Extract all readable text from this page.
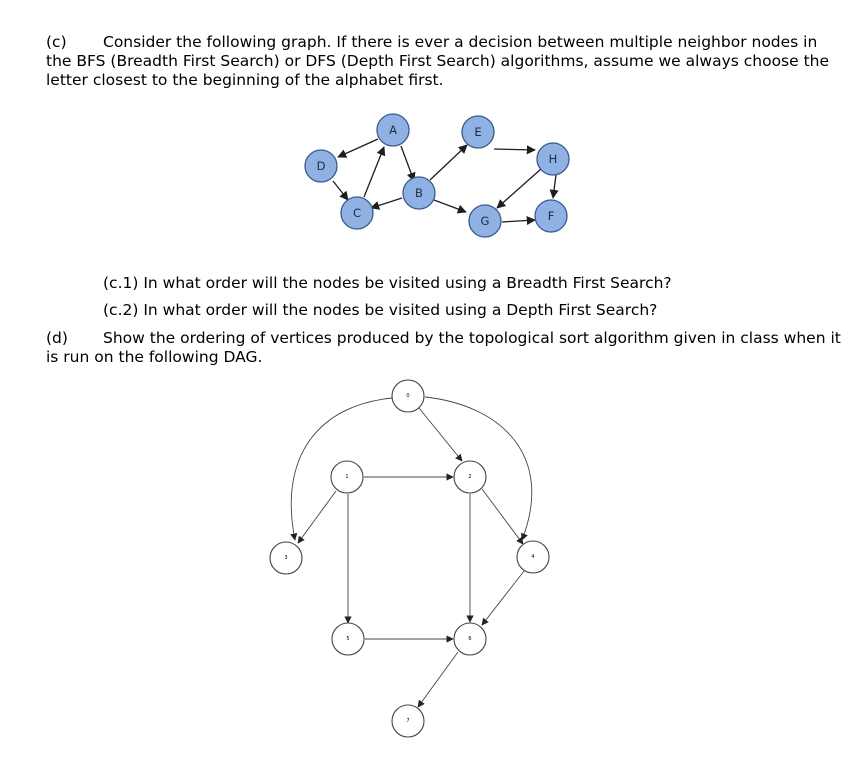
(c) Consider the following graph. If there is ever a decision between multiple neighbor nodes in
the BFS (Breadth First Search) or DFS (Depth First Search) algorithms, assume we always choose the
letter closest to the beginning of the alphabet first.
A
B
C
D
E
F
G
H
0
1	2
3	4
5	6
7
(c.1) In what order will the nodes be visited using a Breadth First Search?
(c.2) In what order will the nodes be visited using a Depth First Search?
(d) Show the ordering of vertices produced by the topological sort algorithm given in class when it
is run on the following DAG.
